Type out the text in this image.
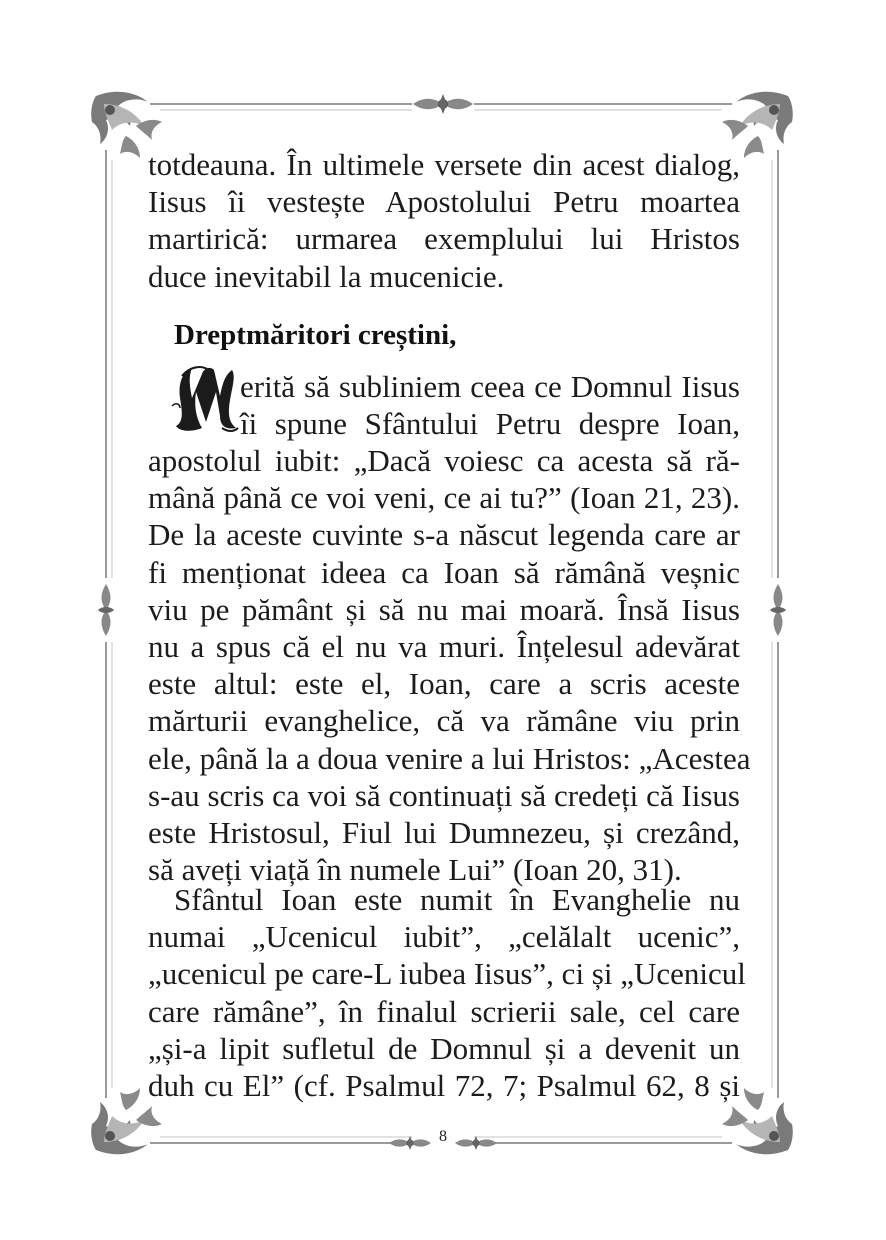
totdeauna. În ultimele versete din acest dialog,
Iisus îi vestește Apostolului Petru moartea
martirică: urmarea exemplului lui Hristos
duce inevitabil la mucenicie.
Dreptmăritori creștini,
erită să subliniem ceea ce Domnul Iisus
îi spune Sfântului Petru despre Ioan,
apostolul iubit: „Dacă voiesc ca acesta să ră-
mână până ce voi veni, ce ai tu?” (Ioan 21, 23).
De la aceste cuvinte s-a născut legenda care ar
fi menționat ideea ca Ioan să rămână veșnic
viu pe pământ și să nu mai moară. Însă Iisus
nu a spus că el nu va muri. Înțelesul adevărat
este altul: este el, Ioan, care a scris aceste
mărturii evanghelice, că va rămâne viu prin
ele, până la a doua venire a lui Hristos: „Acestea
s-au scris ca voi să continuați să credeți că Iisus
este Hristosul, Fiul lui Dumnezeu, și crezând,
să aveți viață în numele Lui” (Ioan 20, 31).
Sfântul Ioan este numit în Evanghelie nu
numai „Ucenicul iubit”, „celălalt ucenic”,
„ucenicul pe care-L iubea Iisus”, ci și „Ucenicul
care rămâne”, în finalul scrierii sale, cel care
„și-a lipit sufletul de Domnul și a devenit un
duh cu El” (cf. Psalmul 72, 7; Psalmul 62, 8 și
8
